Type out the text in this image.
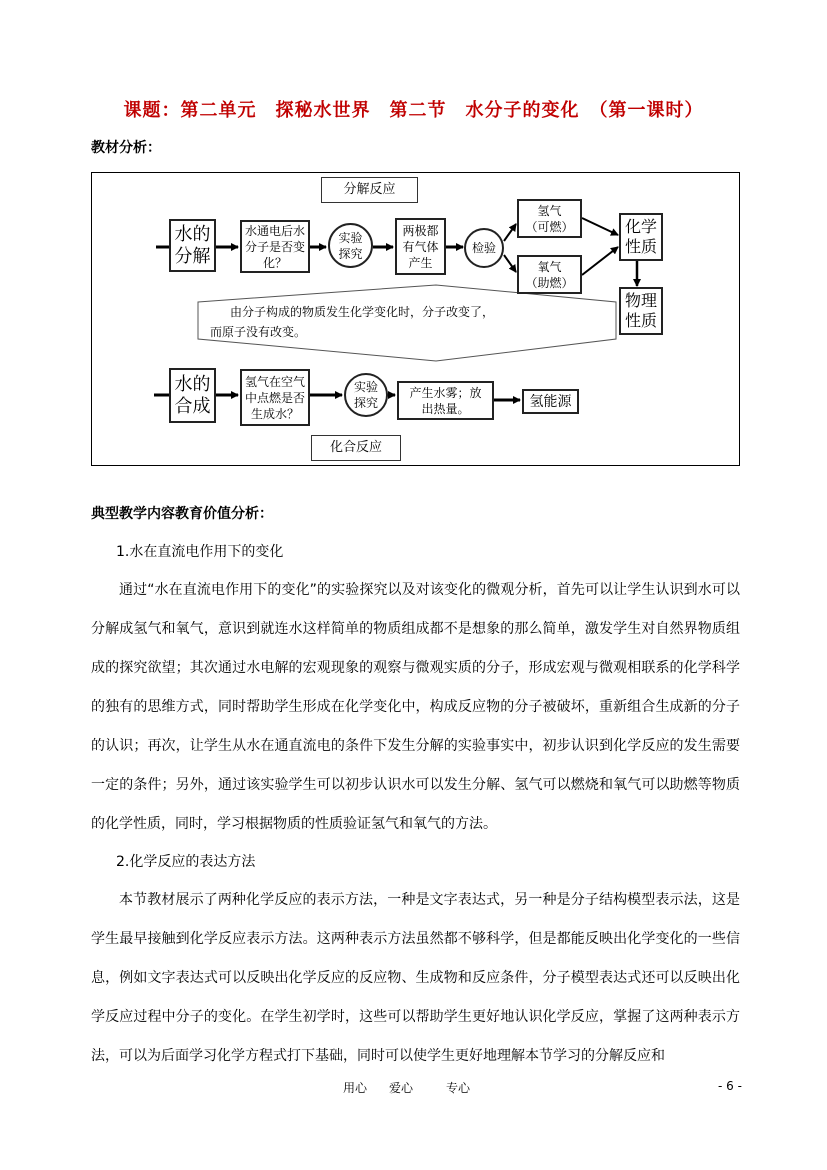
课题：第二单元　探秘水世界　第二节　水分子的变化　（第一课时）
教材分析：
分解反应
水的分解
水通电后水分子是否变化？
实验探究
两极都有气体产生
检验
氢气
（可燃）
氧气
（助燃）
化学性质
物理性质
由分子构成的物质发生化学变化时，分子改变了，
而原子没有改变。
水的合成
氢气在空气中点燃是否生成水？
实验探究
产生水雾；放出热量。	氢能源
化合反应
典型教学内容教育价值分析：
1.水在直流电作用下的变化

通过“水在直流电作用下的变化”的实验探究以及对该变化的微观分析，首先可以让学生认识到水可以分解成氢气和氧气，意识到就连水这样简单的物质组成都不是想象的那么简单，激发学生对自然界物质组成的探究欲望；其次通过水电解的宏观现象的观察与微观实质的分子，形成宏观与微观相联系的化学科学的独有的思维方式，同时帮助学生形成在化学变化中，构成反应物的分子被破坏，重新组合生成新的分子的认识；再次，让学生从水在通直流电的条件下发生分解的实验事实中，初步认识到化学反应的发生需要一定的条件；另外，通过该实验学生可以初步认识水可以发生分解、氢气可以燃烧和氧气可以助燃等物质的化学性质，同时，学习根据物质的性质验证氢气和氧气的方法。

2.化学反应的表达方法

本节教材展示了两种化学反应的表示方法，一种是文字表达式，另一种是分子结构模型表示法，这是学生最早接触到化学反应表示方法。这两种表示方法虽然都不够科学，但是都能反映出化学变化的一些信息，例如文字表达式可以反映出化学反应的反应物、生成物和反应条件，分子模型表达式还可以反映出化学反应过程中分子的变化。在学生初学时，这些可以帮助学生更好地认识化学反应，掌握了这两种表示方法，可以为后面学习化学方程式打下基础，同时可以使学生更好地理解本节学习的分解反应和

用心 爱心	专心	- 6 -
